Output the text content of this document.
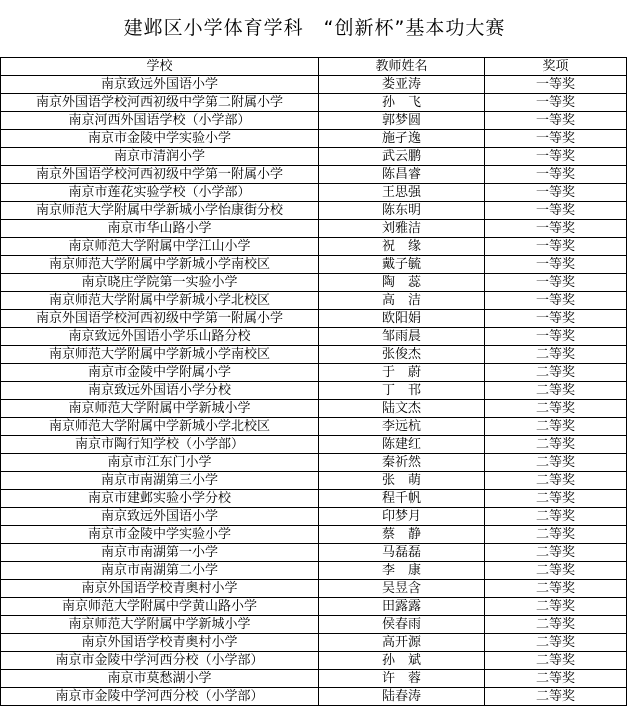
建邺区小学体育学科　“创新杯”基本功大赛
学校	教师姓名	奖项
南京致远外国语小学	娄亚涛	一等奖
南京外国语学校河西初级中学第二附属小学	孙　飞	一等奖
南京河西外国语学校（小学部）	郭梦圆	一等奖
南京市金陵中学实验小学	施孑逸	一等奖
南京市清润小学	武云鹏	一等奖
南京外国语学校河西初级中学第一附属小学	陈昌睿	一等奖
南京市莲花实验学校（小学部）	王思强	一等奖
南京师范大学附属中学新城小学怡康街分校	陈东明	一等奖
南京市华山路小学	刘雅洁	一等奖
南京师范大学附属中学江山小学	祝　缘	一等奖
南京师范大学附属中学新城小学南校区	戴子毓	一等奖
南京晓庄学院第一实验小学	陶　蕊	一等奖
南京师范大学附属中学新城小学北校区	高　洁	一等奖
南京外国语学校河西初级中学第一附属小学	欧阳娟	一等奖
南京致远外国语小学乐山路分校	邹雨晨	一等奖
南京师范大学附属中学新城小学南校区	张俊杰	二等奖
南京市金陵中学附属小学	于　蔚	二等奖
南京致远外国语小学分校	丁　邗	二等奖
南京师范大学附属中学新城小学	陆文杰	二等奖
南京师范大学附属中学新城小学北校区	李远杭	二等奖
南京市陶行知学校（小学部）	陈建红	二等奖
南京市江东门小学	秦祈然	二等奖
南京市南湖第三小学	张　萌	二等奖
南京市建邺实验小学分校	程千帆	二等奖
南京致远外国语小学	印梦月	二等奖
南京市金陵中学实验小学	蔡　静	二等奖
南京市南湖第一小学	马磊磊	二等奖
南京市南湖第二小学	李　康	二等奖
南京外国语学校青奥村小学	吴昱含	二等奖
南京师范大学附属中学黄山路小学	田露露	二等奖
南京师范大学附属中学新城小学	侯春雨	二等奖
南京外国语学校青奥村小学	高开源	二等奖
南京市金陵中学河西分校（小学部）	孙　斌	二等奖
南京市莫愁湖小学	许　蓉	二等奖
南京市金陵中学河西分校（小学部）	陆春涛	二等奖
